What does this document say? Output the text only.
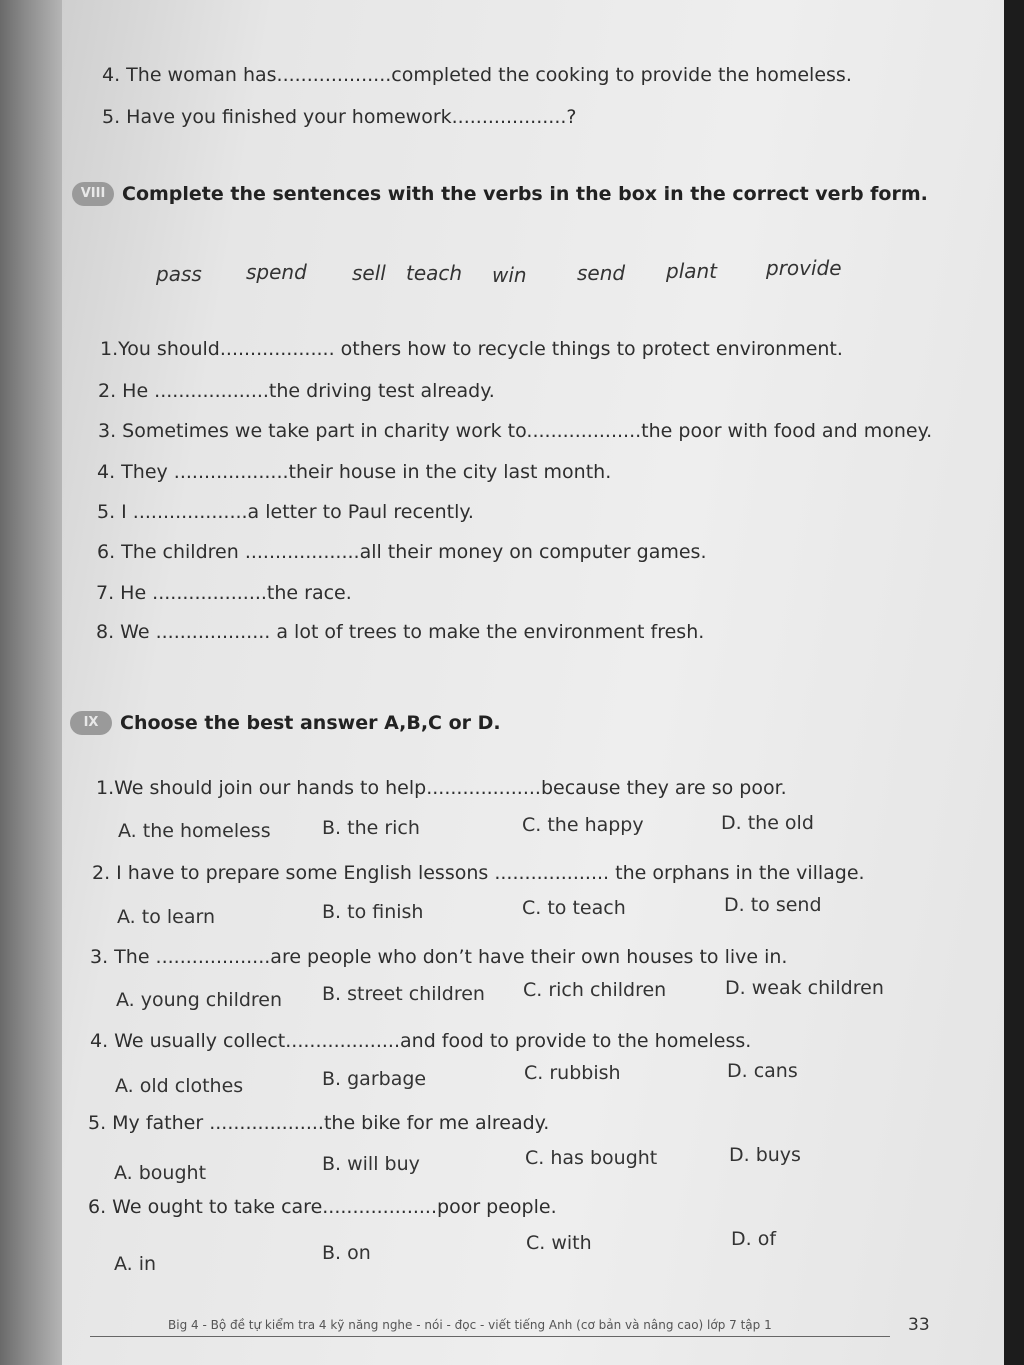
4. The woman has...................completed the cooking to provide the homeless.
5. Have you finished your homework...................?
VIII Complete the sentences with the verbs in the box in the correct verb form.
pass spend sell teach win	send plant provide
1.You should................... others how to recycle things to protect environment.
2. He ...................the driving test already.
3. Sometimes we take part in charity work to...................the poor with food and money.
4. They ...................their house in the city last month.
5. I ...................a letter to Paul recently.
6. The children ...................all their money on computer games.
7. He ...................the race.
8. We ................... a lot of trees to make the environment fresh.
IX	Choose the best answer A,B,C or D.
1.We should join our hands to help...................because they are so poor.
A. the homeless	B. the rich	C. the happy	D. the old
2. I have to prepare some English lessons ................... the orphans in the village.
A. to learn	B. to finish	C. to teach	D. to send
3. The ...................are people who don’t have their own houses to live in.
A. young children B. street children C. rich children	D. weak children
4. We usually collect...................and food to provide to the homeless.
A. old clothes	B. garbage	C. rubbish	D. cans
5. My father ...................the bike for me already.
A. bought	B. will buy	C. has bought	D. buys
6. We ought to take care...................poor people.
A. in	B. on	C. with	D. of
Big 4 - Bộ đề tự kiểm tra 4 kỹ năng nghe - nói - đọc - viết tiếng Anh (cơ bản và nâng cao) lớp 7 tập 1	33
